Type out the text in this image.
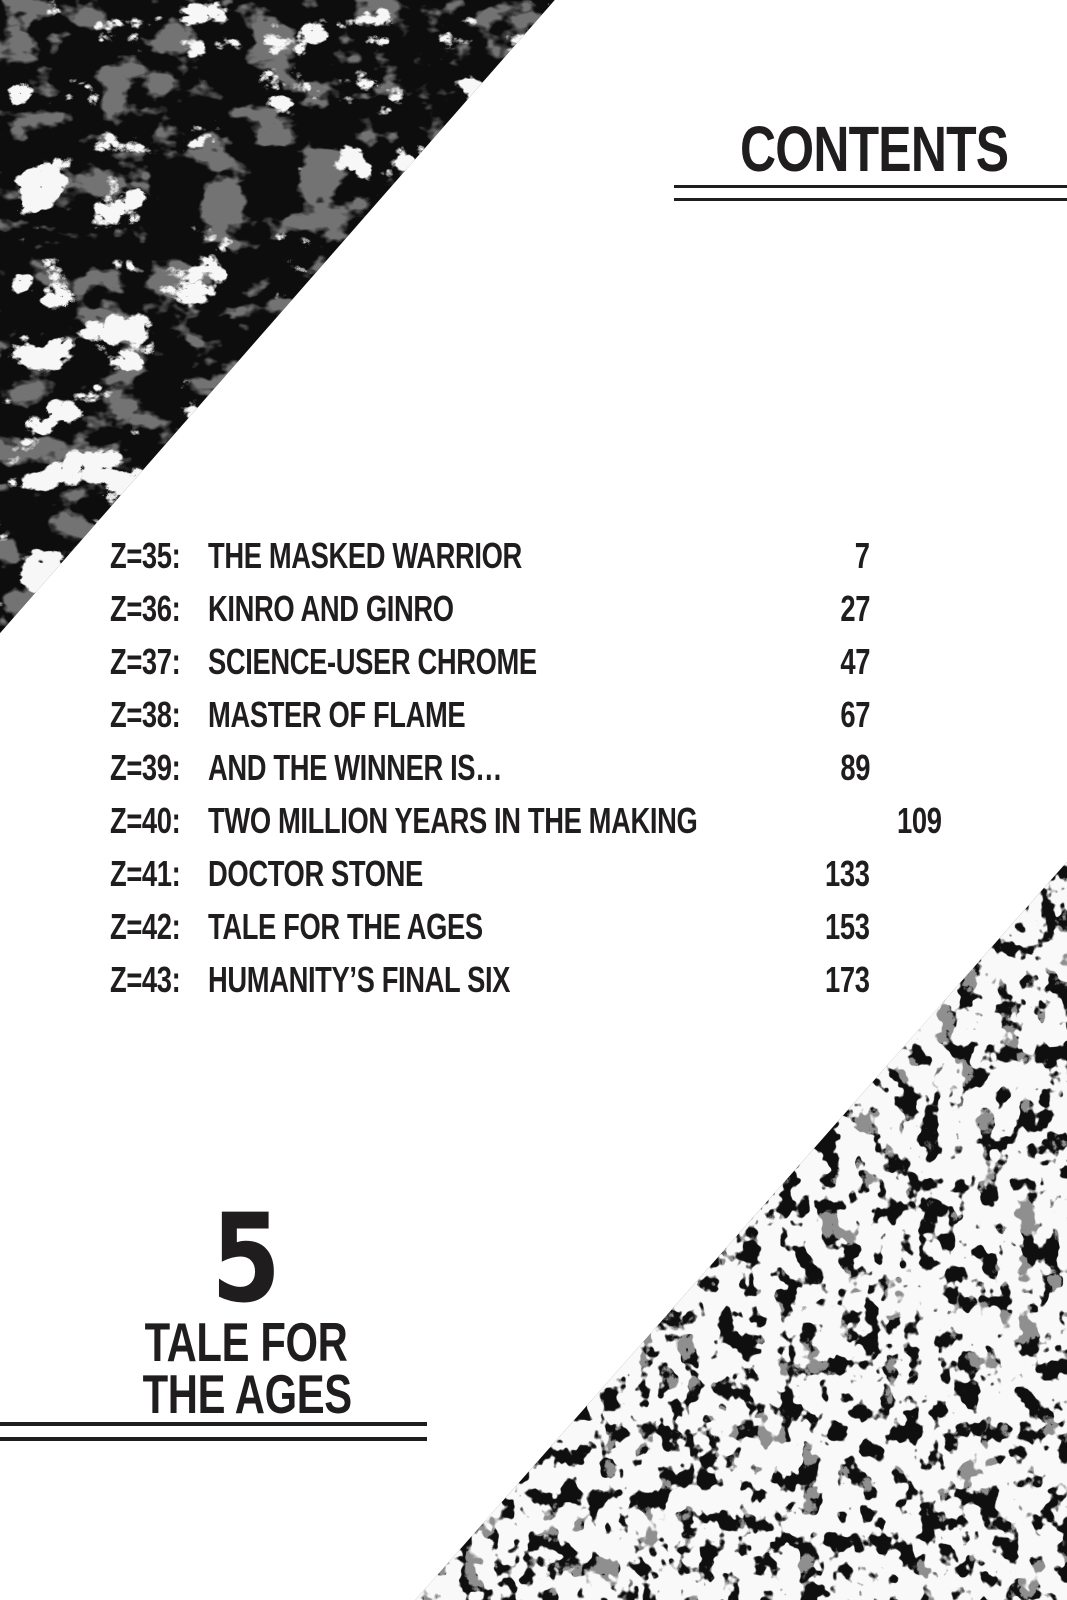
CONTENTS
Z=35: THE MASKED WARRIOR	7
Z=36: KINRO AND GINRO	27
Z=37: SCIENCE-USER CHROME	47
Z=38: MASTER OF FLAME	67
Z=39: AND THE WINNER IS…	89
Z=40: TWO MILLION YEARS IN THE MAKING	109
Z=41: DOCTOR STONE	133
Z=42: TALE FOR THE AGES	153
Z=43: HUMANITY’S FINAL SIX	173
5
TALE FOR
THE AGES
